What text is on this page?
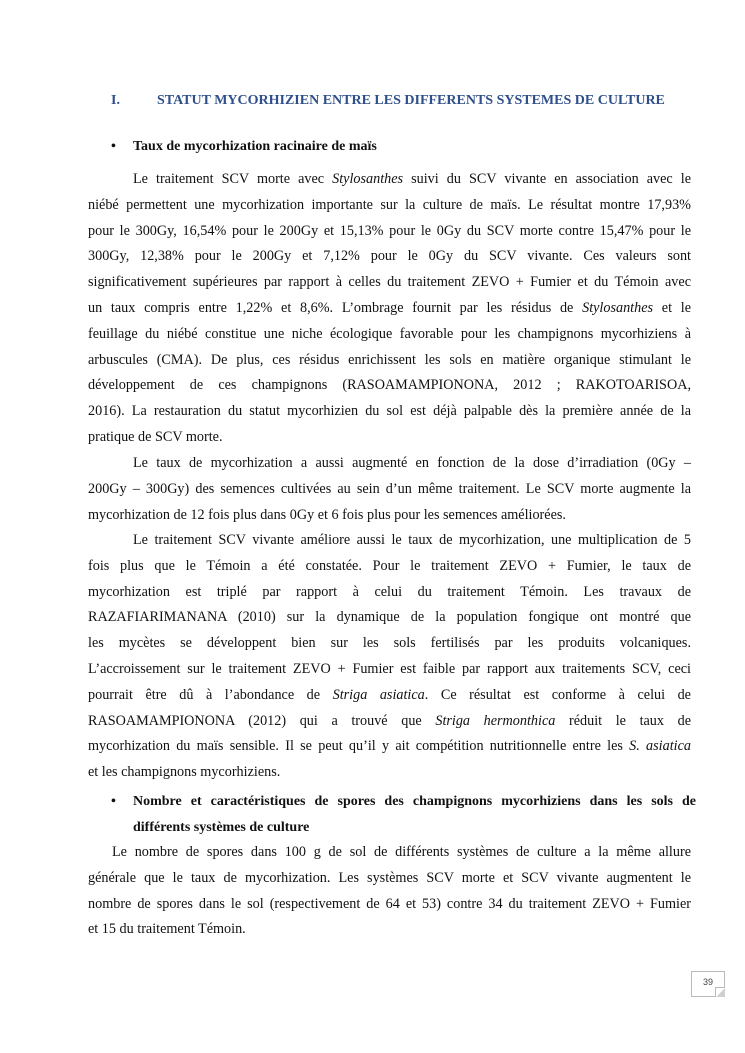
I.	STATUT MYCORHIZIEN ENTRE LES DIFFERENTS SYSTEMES DE CULTURE
• Taux de mycorhization racinaire de maïs
Le traitement SCV morte avec Stylosanthes suivi du SCV vivante en association avec le
niébé permettent une mycorhization importante sur la culture de maïs. Le résultat montre 17,93%
pour le 300Gy, 16,54% pour le 200Gy et 15,13% pour le 0Gy du SCV morte contre 15,47% pour le
300Gy, 12,38% pour le 200Gy et 7,12% pour le 0Gy du SCV vivante. Ces valeurs sont
significativement supérieures par rapport à celles du traitement ZEVO + Fumier et du Témoin avec
un taux compris entre 1,22% et 8,6%. L’ombrage fournit par les résidus de Stylosanthes et le
feuillage du niébé constitue une niche écologique favorable pour les champignons mycorhiziens à
arbuscules (CMA). De plus, ces résidus enrichissent les sols en matière organique stimulant le
développement de ces champignons (RASOAMAMPIONONA, 2012 ; RAKOTOARISOA,
2016). La restauration du statut mycorhizien du sol est déjà palpable dès la première année de la
pratique de SCV morte.
Le taux de mycorhization a aussi augmenté en fonction de la dose d’irradiation (0Gy –
200Gy – 300Gy) des semences cultivées au sein d’un même traitement. Le SCV morte augmente la
mycorhization de 12 fois plus dans 0Gy et 6 fois plus pour les semences améliorées.
Le traitement SCV vivante améliore aussi le taux de mycorhization, une multiplication de 5
fois plus que le Témoin a été constatée. Pour le traitement ZEVO + Fumier, le taux de
mycorhization est triplé par rapport à celui du traitement Témoin. Les travaux de
RAZAFIARIMANANA (2010) sur la dynamique de la population fongique ont montré que
les mycètes se développent bien sur les sols fertilisés par les produits volcaniques.
L’accroissement sur le traitement ZEVO + Fumier est faible par rapport aux traitements SCV, ceci
pourrait être dû à l’abondance de Striga asiatica. Ce résultat est conforme à celui de
RASOAMAMPIONONA (2012) qui a trouvé que Striga hermonthica réduit le taux de
mycorhization du maïs sensible. Il se peut qu’il y ait compétition nutritionnelle entre les S. asiatica
et les champignons mycorhiziens.
• Nombre et caractéristiques de spores des champignons mycorhiziens dans les sols de différents systèmes de culture
Le nombre de spores dans 100 g de sol de différents systèmes de culture a la même allure
générale que le taux de mycorhization. Les systèmes SCV morte et SCV vivante augmentent le
nombre de spores dans le sol (respectivement de 64 et 53) contre 34 du traitement ZEVO + Fumier
et 15 du traitement Témoin.
39
